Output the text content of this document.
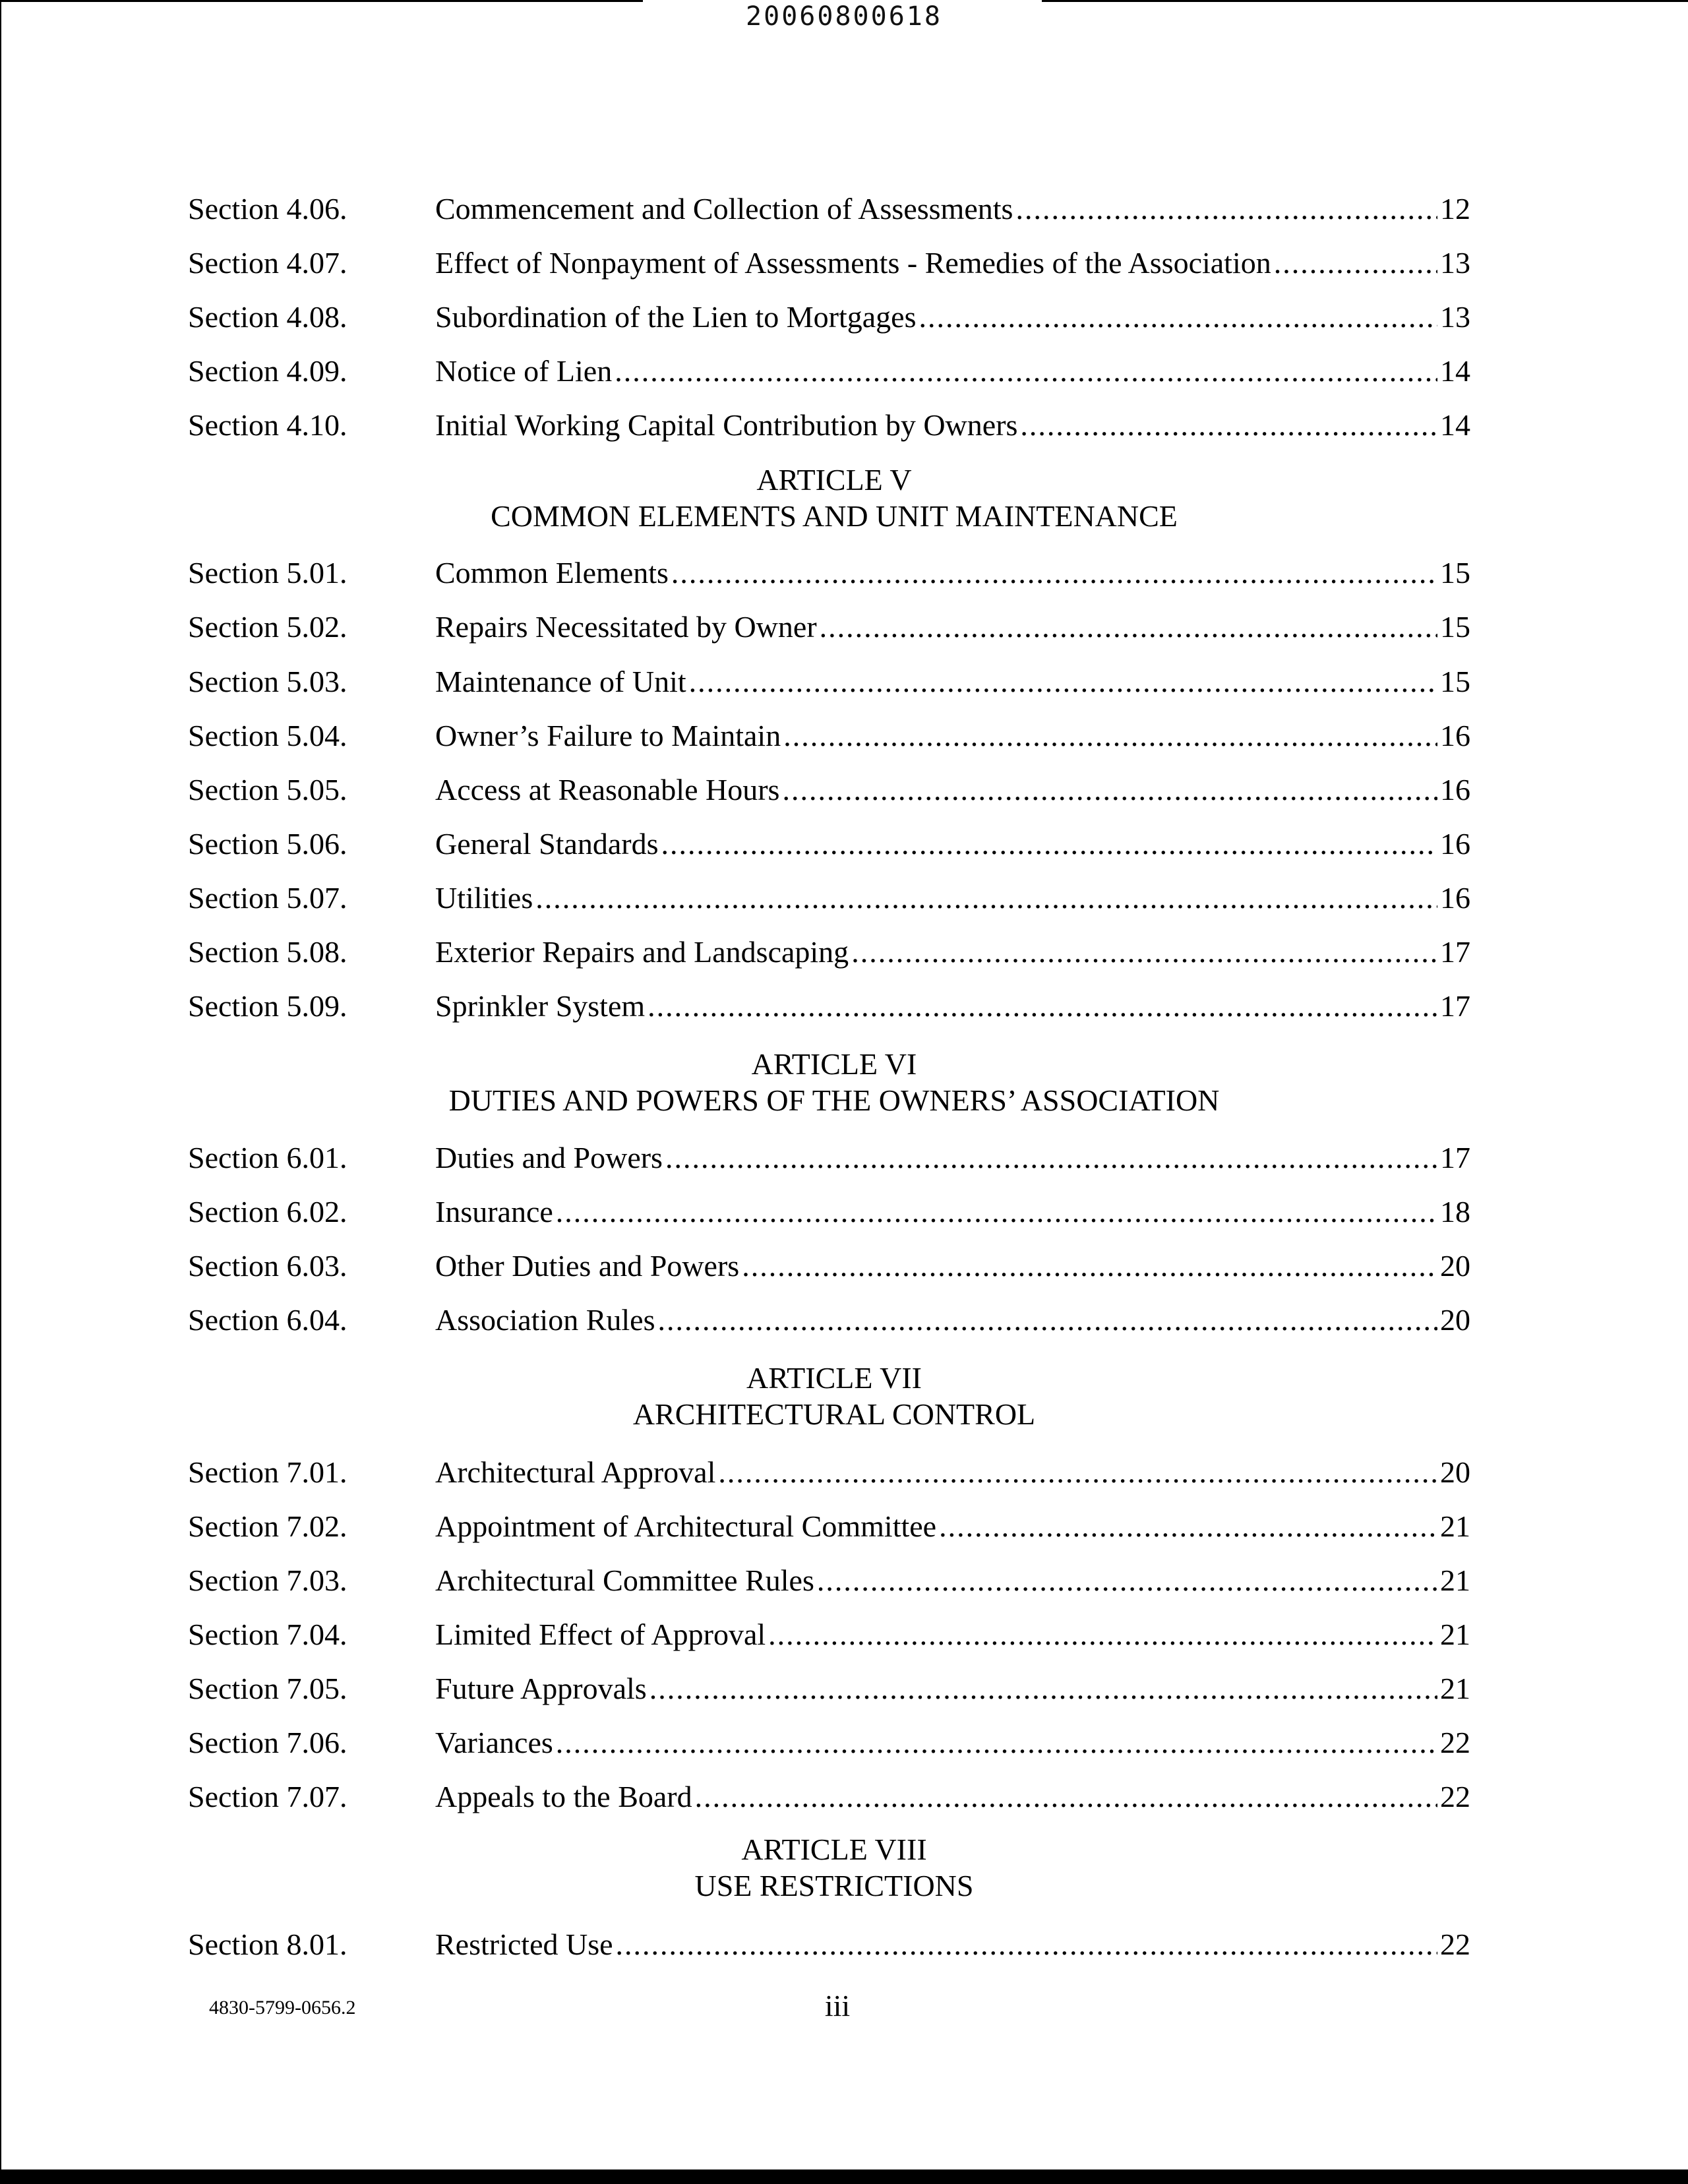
20060800618
Section 4.06.	Commencement and Collection of Assessments .....	12
Section 4.07.	Effect of Nonpayment of Assessments - Remedies of the Association .....	13
Section 4.08.	Subordination of the Lien to Mortgages .....	13
Section 4.09.	Notice of Lien .....	14
Section 4.10.	Initial Working Capital Contribution by Owners .....	14
ARTICLE V
COMMON ELEMENTS AND UNIT MAINTENANCE
Section 5.01.	Common Elements .....	15
Section 5.02.	Repairs Necessitated by Owner .....	15
Section 5.03.	Maintenance of Unit .....	15
Section 5.04.	Owner’s Failure to Maintain .....	16
Section 5.05.	Access at Reasonable Hours .....	16
Section 5.06.	General Standards .....	16
Section 5.07.	Utilities .....	16
Section 5.08.	Exterior Repairs and Landscaping .....	17
Section 5.09.	Sprinkler System .....	17
ARTICLE VI
DUTIES AND POWERS OF THE OWNERS’ ASSOCIATION
Section 6.01.	Duties and Powers .....	17
Section 6.02.	Insurance .....	18
Section 6.03.	Other Duties and Powers .....	20
Section 6.04.	Association Rules .....	20
ARTICLE VII
ARCHITECTURAL CONTROL
Section 7.01.	Architectural Approval .....	20
Section 7.02.	Appointment of Architectural Committee .....	21
Section 7.03.	Architectural Committee Rules .....	21
Section 7.04.	Limited Effect of Approval .....	21
Section 7.05.	Future Approvals .....	21
Section 7.06.	Variances .....	22
Section 7.07.	Appeals to the Board .....	22
ARTICLE VIII
USE RESTRICTIONS
Section 8.01.	Restricted Use .....	22
4830-5799-0656.2	iii
